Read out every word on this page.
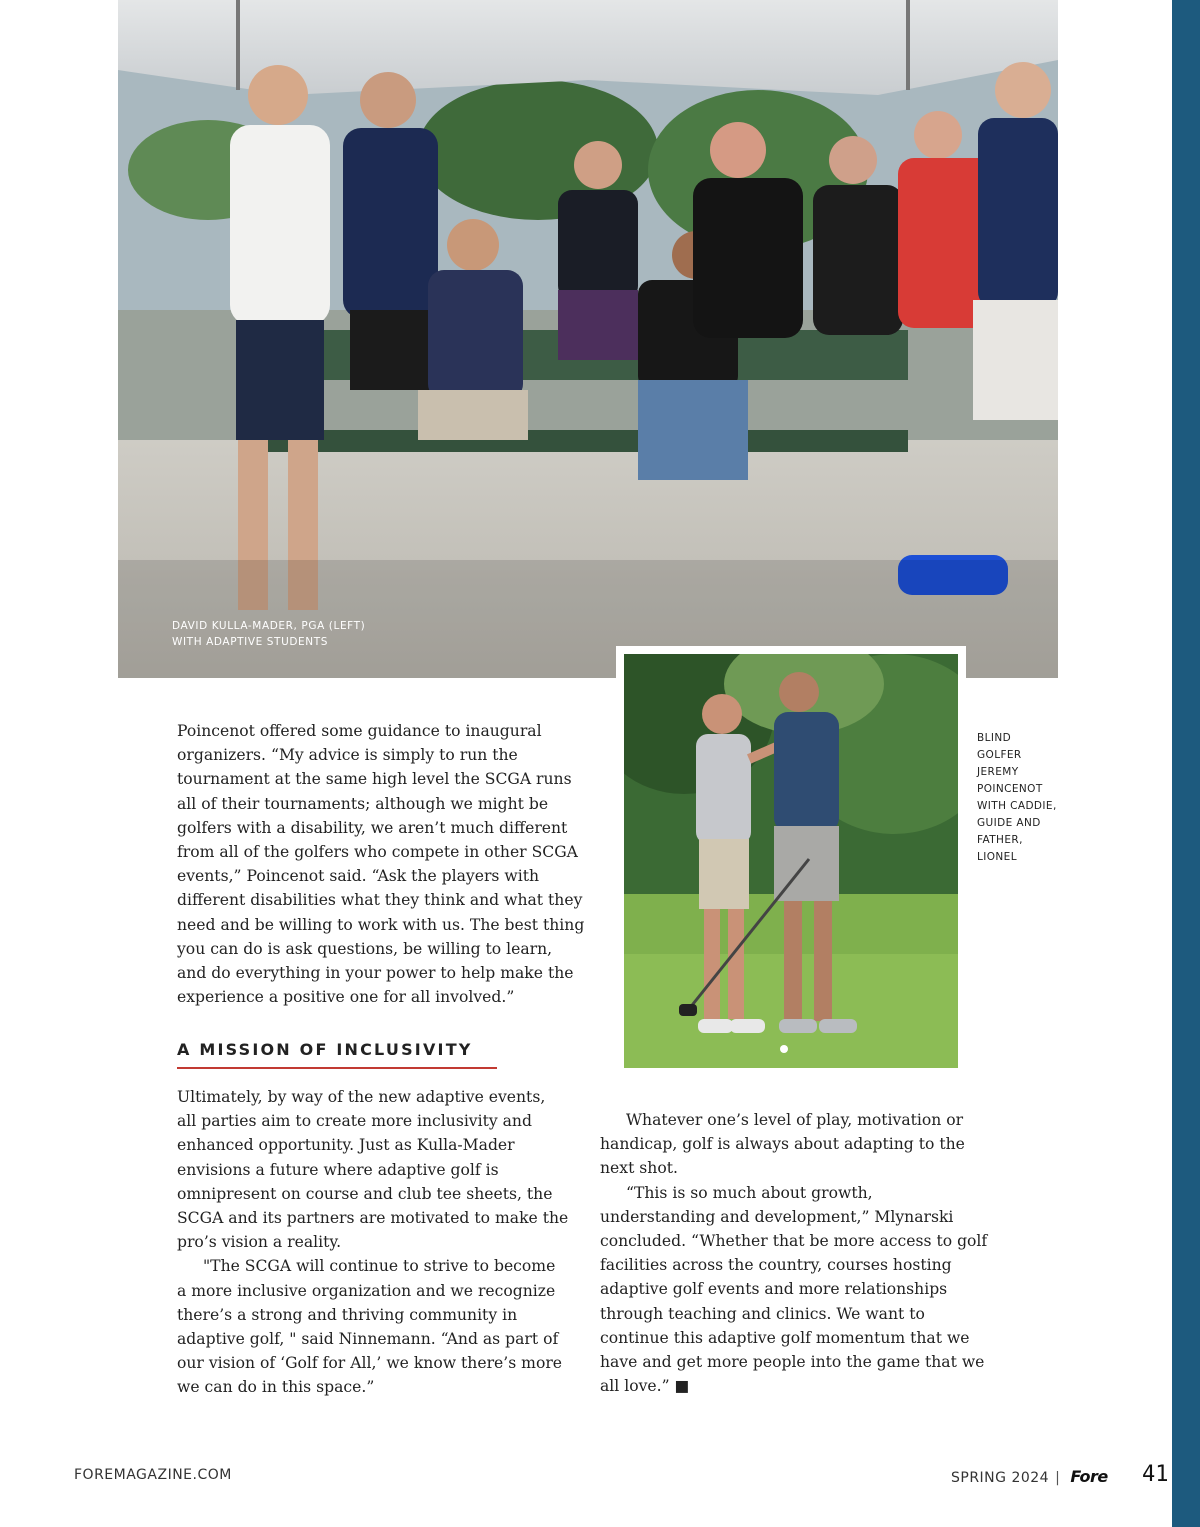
DAVID KULLA-MADER, PGA (LEFT)
WITH ADAPTIVE STUDENTS
BLIND
GOLFER
JEREMY
POINCENOT
WITH CADDIE,
GUIDE AND
FATHER,
LIONEL

Poincenot offered some guidance to inaugural

organizers. “My advice is simply to run the

tournament at the same high level the SCGA runs

all of their tournaments; although we might be

golfers with a disability, we aren’t much different

from all of the golfers who compete in other SCGA

events,” Poincenot said. “Ask the players with

different disabilities what they think and what they

need and be willing to work with us. The best thing

you can do is ask questions, be willing to learn,

and do everything in your power to help make the

experience a positive one for all involved.”

A MISSION OF INCLUSIVITY

Ultimately, by way of the new adaptive events,

all parties aim to create more inclusivity and

enhanced opportunity. Just as Kulla-Mader

envisions a future where adaptive golf is

omnipresent on course and club tee sheets, the

SCGA and its partners are motivated to make the

pro’s vision a reality.

"The SCGA will continue to strive to become

a more inclusive organization and we recognize

there’s a strong and thriving community in

adaptive golf, " said Ninnemann. “And as part of

our vision of ‘Golf for All,’ we know there’s more

we can do in this space.”

Whatever one’s level of play, motivation or

handicap, golf is always about adapting to the

next shot.

“This is so much about growth,

understanding and development,” Mlynarski

concluded. “Whether that be more access to golf

facilities across the country, courses hosting

adaptive golf events and more relationships

through teaching and clinics. We want to

continue this adaptive golf momentum that we

have and get more people into the game that we

all love.” ■

FOREMAGAZINE.COM	SPRING 2024 | Fore 41
